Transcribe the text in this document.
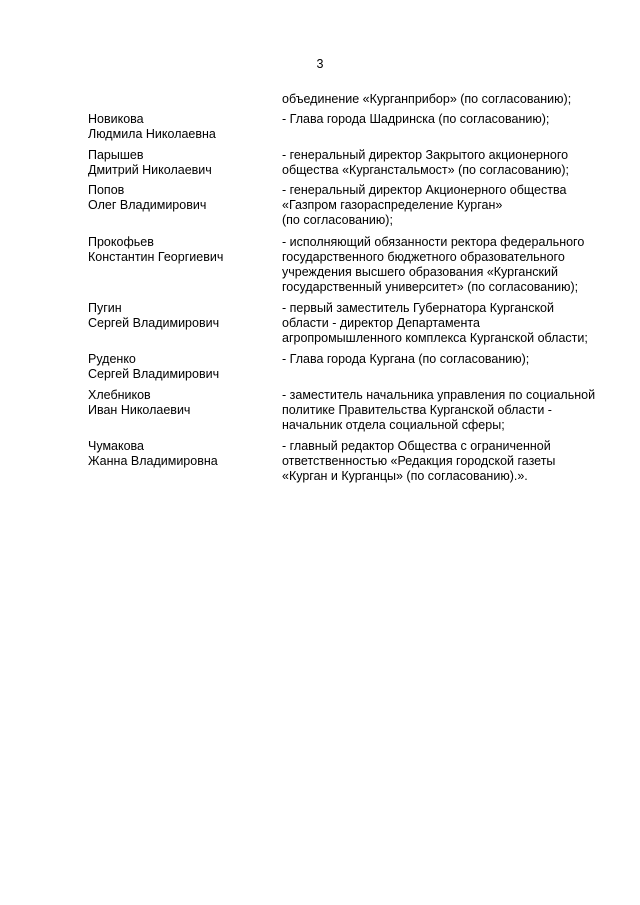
3
объединение «Курганприбор» (по согласованию);
Новикова
Людмила Николаевна
- Глава города Шадринска (по согласованию);
Парышев
Дмитрий Николаевич
- генеральный директор Закрытого акционерного
общества «Курганстальмост» (по согласованию);
Попов
Олег Владимирович
- генеральный директор Акционерного общества
«Газпром газораспределение Курган»
(по согласованию);
Прокофьев
Константин Георгиевич
- исполняющий обязанности ректора федерального
государственного бюджетного образовательного
учреждения высшего образования «Курганский
государственный университет» (по согласованию);
Пугин
Сергей Владимирович
- первый заместитель Губернатора Курганской
области - директор Департамента
агропромышленного комплекса Курганской области;
Руденко
Сергей Владимирович
- Глава города Кургана (по согласованию);
Хлебников
Иван Николаевич
- заместитель начальника управления по социальной
политике Правительства Курганской области -
начальник отдела социальной сферы;
Чумакова
Жанна Владимировна
- главный редактор Общества с ограниченной
ответственностью «Редакция городской газеты
«Курган и Курганцы» (по согласованию).».
